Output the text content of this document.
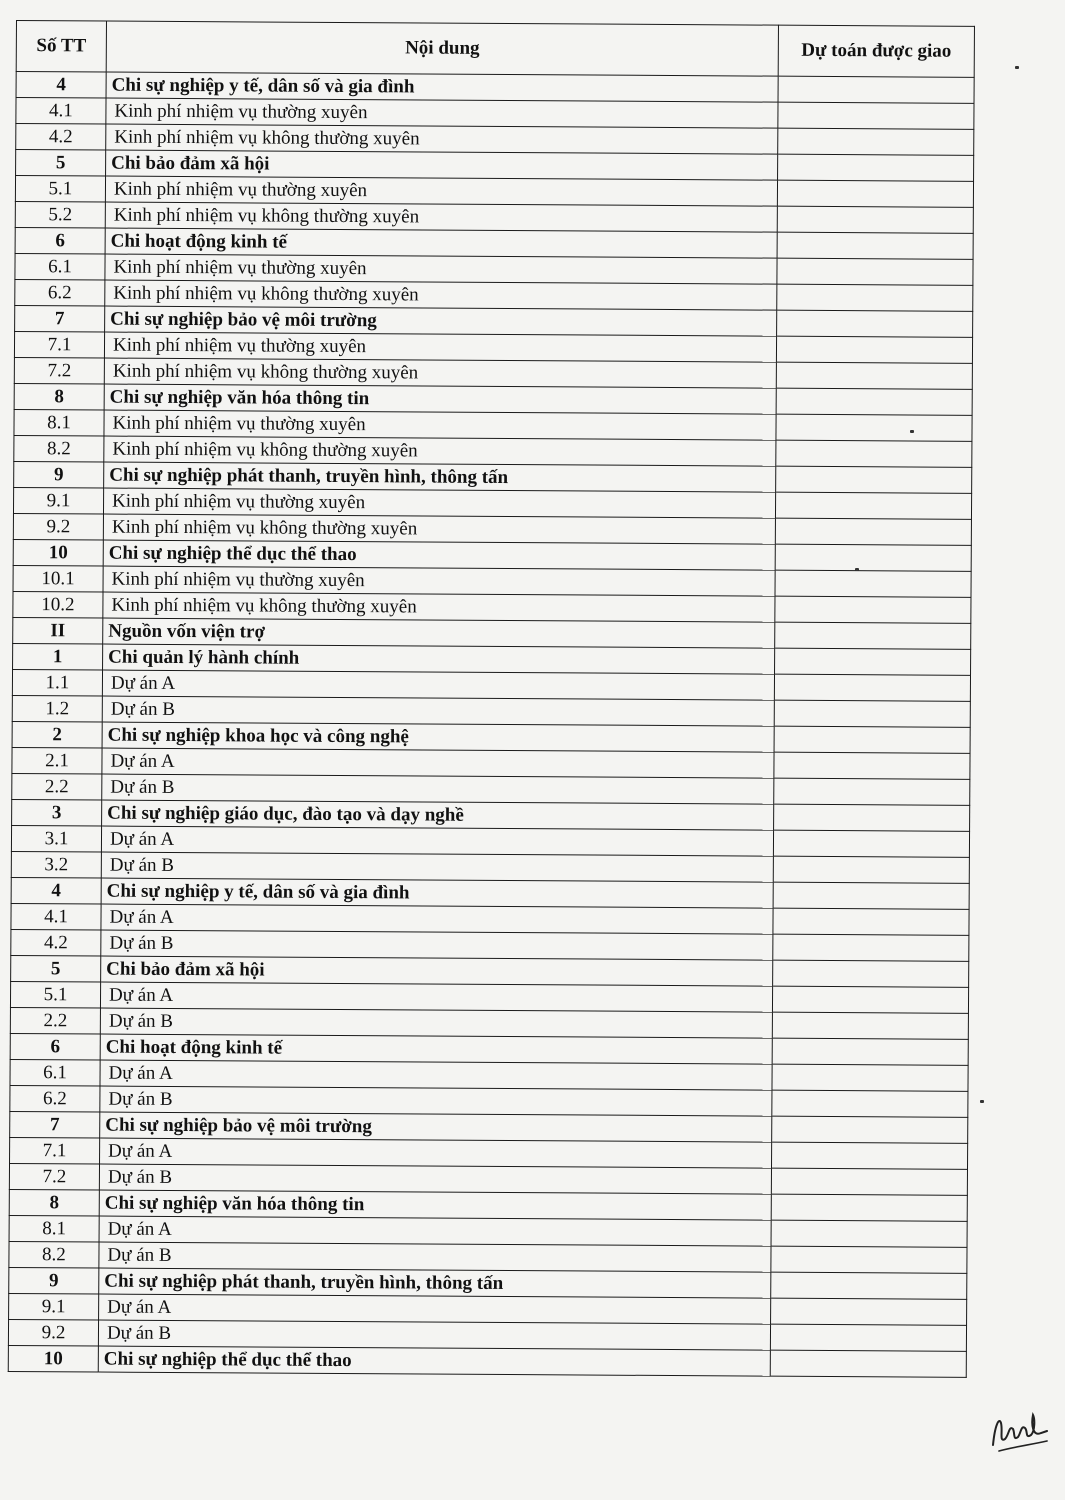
Số TT	Nội dung	Dự toán được giao
4	Chi sự nghiệp y tế, dân số và gia đình	
4.1	Kinh phí nhiệm vụ thường xuyên	
4.2	Kinh phí nhiệm vụ không thường xuyên	
5	Chi bảo đảm xã hội	
5.1	Kinh phí nhiệm vụ thường xuyên	
5.2	Kinh phí nhiệm vụ không thường xuyên	
6	Chi hoạt động kinh tế	
6.1	Kinh phí nhiệm vụ thường xuyên	
6.2	Kinh phí nhiệm vụ không thường xuyên	
7	Chi sự nghiệp bảo vệ môi trường	
7.1	Kinh phí nhiệm vụ thường xuyên	
7.2	Kinh phí nhiệm vụ không thường xuyên	
8	Chi sự nghiệp văn hóa thông tin	
8.1	Kinh phí nhiệm vụ thường xuyên	
8.2	Kinh phí nhiệm vụ không thường xuyên	
9	Chi sự nghiệp phát thanh, truyền hình, thông tấn	
9.1	Kinh phí nhiệm vụ thường xuyên	
9.2	Kinh phí nhiệm vụ không thường xuyên	
10	Chi sự nghiệp thể dục thể thao	
10.1	Kinh phí nhiệm vụ thường xuyên	
10.2	Kinh phí nhiệm vụ không thường xuyên	
II	Nguồn vốn viện trợ	
1	Chi quản lý hành chính	
1.1	Dự án A	
1.2	Dự án B	
2	Chi sự nghiệp khoa học và công nghệ	
2.1	Dự án A	
2.2	Dự án B	
3	Chi sự nghiệp giáo dục, đào tạo và dạy nghề	
3.1	Dự án A	
3.2	Dự án B	
4	Chi sự nghiệp y tế, dân số và gia đình	
4.1	Dự án A	
4.2	Dự án B	
5	Chi bảo đảm xã hội	
5.1	Dự án A	
2.2	Dự án B	
6	Chi hoạt động kinh tế	
6.1	Dự án A	
6.2	Dự án B	
7	Chi sự nghiệp bảo vệ môi trường	
7.1	Dự án A	
7.2	Dự án B	
8	Chi sự nghiệp văn hóa thông tin	
8.1	Dự án A	
8.2	Dự án B	
9	Chi sự nghiệp phát thanh, truyền hình, thông tấn	
9.1	Dự án A	
9.2	Dự án B	
10	Chi sự nghiệp thể dục thể thao	
